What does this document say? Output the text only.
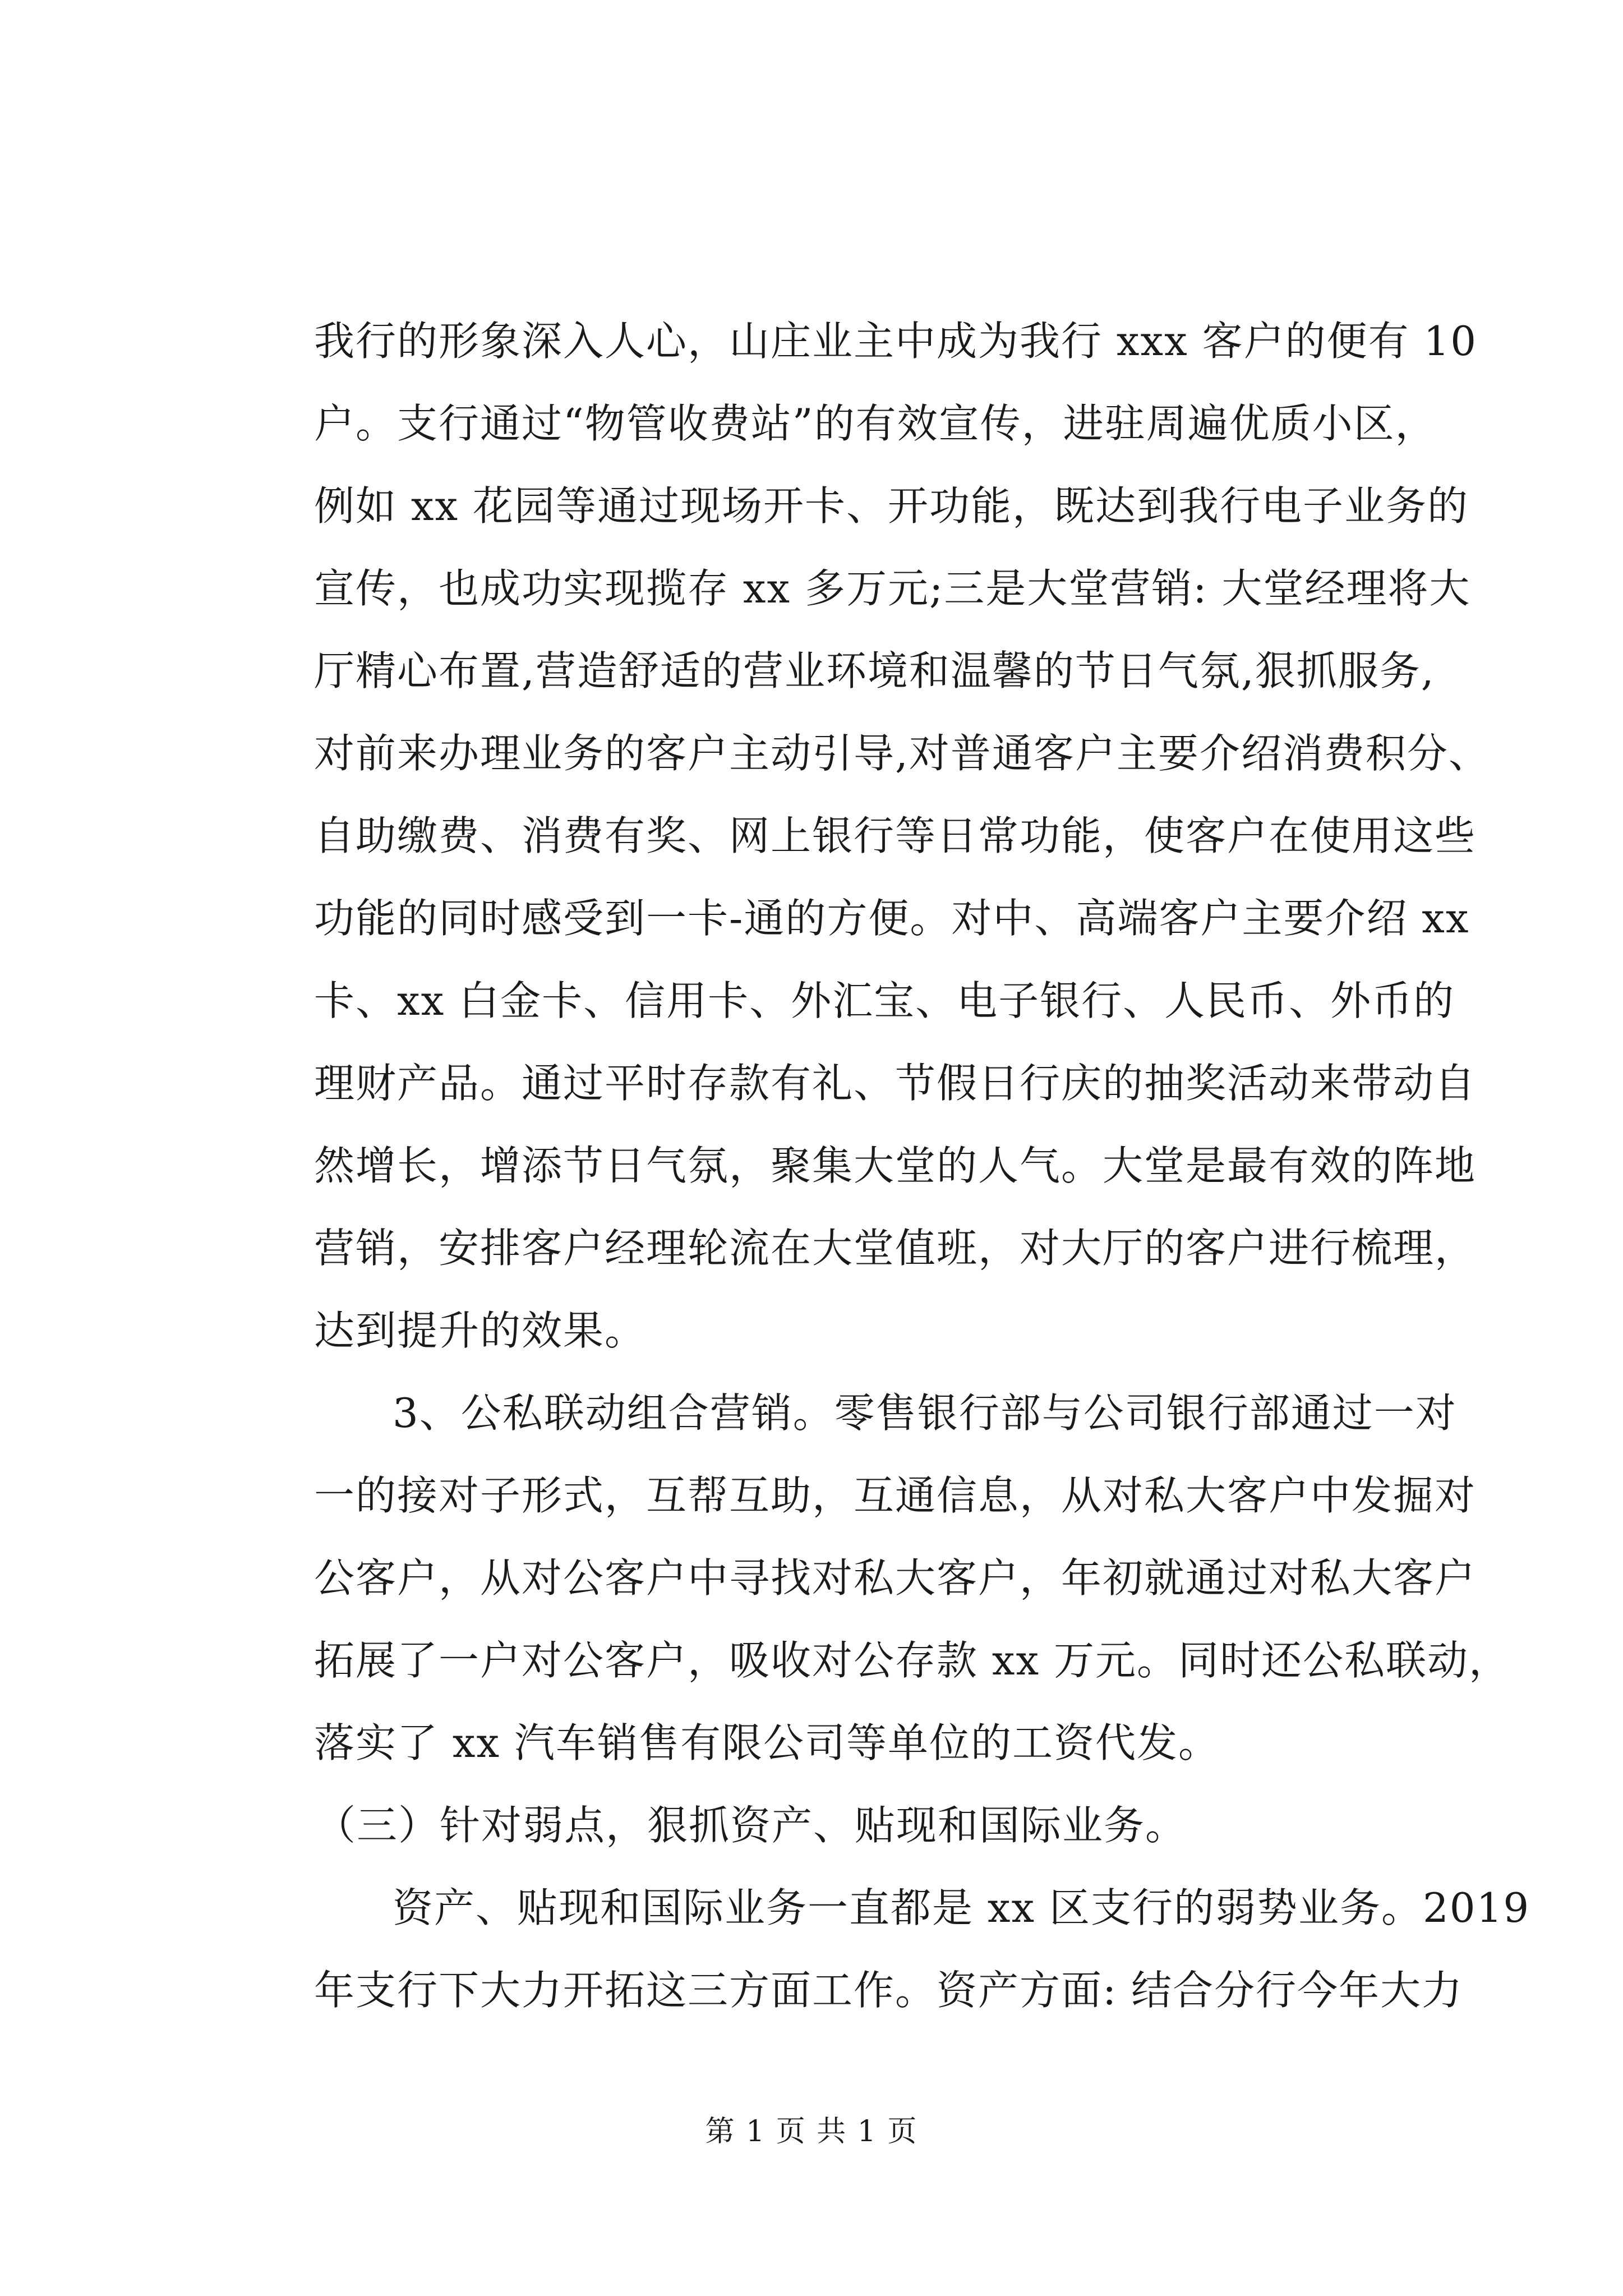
我行的形象深入人心，山庄业主中成为我行 xxx 客户的便有 10
户。支行通过“物管收费站”的有效宣传，进驻周遍优质小区，
例如 xx 花园等通过现场开卡、开功能，既达到我行电子业务的
宣传，也成功实现揽存 xx 多万元;三是大堂营销: 大堂经理将大
厅精心布置,营造舒适的营业环境和温馨的节日气氛,狠抓服务,
对前来办理业务的客户主动引导,对普通客户主要介绍消费积分、
自助缴费、消费有奖、网上银行等日常功能，使客户在使用这些
功能的同时感受到一卡-通的方便。对中、高端客户主要介绍 xx
卡、xx 白金卡、信用卡、外汇宝、电子银行、人民币、外币的
理财产品。通过平时存款有礼、节假日行庆的抽奖活动来带动自
然增长，增添节日气氛，聚集大堂的人气。大堂是最有效的阵地
营销，安排客户经理轮流在大堂值班，对大厅的客户进行梳理，
达到提升的效果。
3、公私联动组合营销。零售银行部与公司银行部通过一对
一的接对子形式，互帮互助，互通信息，从对私大客户中发掘对
公客户，从对公客户中寻找对私大客户，年初就通过对私大客户
拓展了一户对公客户，吸收对公存款 xx 万元。同时还公私联动，
落实了 xx 汽车销售有限公司等单位的工资代发。
（三）针对弱点，狠抓资产、贴现和国际业务。
资产、贴现和国际业务一直都是 xx 区支行的弱势业务。2019
年支行下大力开拓这三方面工作。资产方面: 结合分行今年大力
第 1 页 共 1 页
